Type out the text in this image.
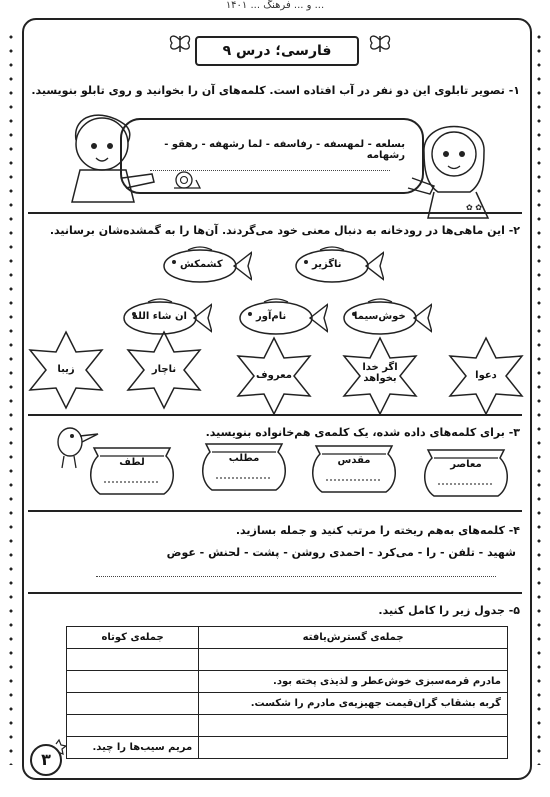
... و ... فرهنگ ... ۱۴۰۱
فارسی؛ درس ۹
۱- تصویر تابلوی این دو نفر در آب افتاده است. کلمه‌های آن را بخوانید و روی تابلو بنویسید.
بسلعه - لمهسفه - رفاسفه - لما رشهفه - رهقو - رشهامه
✿ ✿
۲- این ماهی‌ها در رودخانه به دنبال معنی خود می‌گردند. آن‌ها را به گمشده‌شان برسانید.
ناگزیر
کشمکش
خوش‌سیما
نام‌آور
ان شاء الله
دعوا
اگر خدا بخواهد
معروف
ناچار
زیبا
۳- برای کلمه‌های داده شده، یک کلمه‌ی هم‌خانواده بنویسید.
معاصر
مقدس
مطلب
لطف
۴- کلمه‌های به‌هم ریخته را مرتب کنید و جمله بسازید.
شهید - تلفن - را - می‌کرد - احمدی روشن - پشت - لحنش - عوض
۵- جدول زیر را کامل کنید.
جمله‌ی گسترش‌یافته	جمله‌ی کوتاه

مادرم قرمه‌سبزی خوش‌عطر و لذیذی پخته بود.	
گربه بشقاب گران‌قیمت جهیزیه‌ی مادرم را شکست.	

	مریم سیب‌ها را چید.
۳
